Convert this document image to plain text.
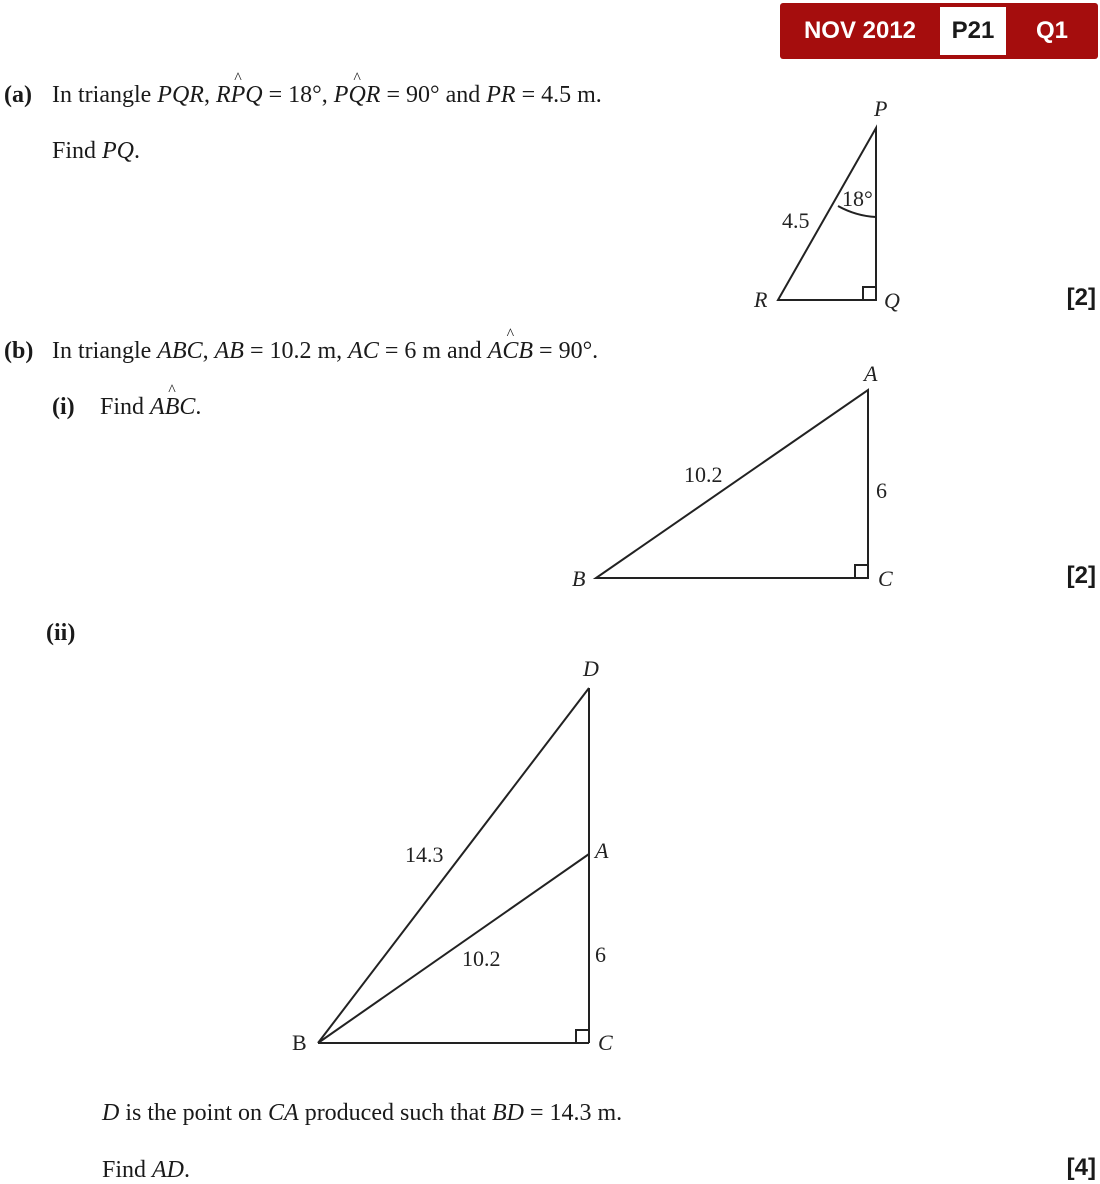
NOV 2012	P21	Q1
(a) In triangle PQR, R^ PQ = 18°, P^ QR = 90° and PR = 4.5 m.
Find PQ.
[2]
(b) In triangle ABC, AB = 10.2 m, AC = 6 m and A^ CB = 90°.
(i) Find A^ BC.
[2]
(ii)
D is the point on CA produced such that BD = 14.3 m.
Find AD.	[4]
P
Q
R
4.5
18°
A
B	C
10.2
6
D
A
B	C
14.3
10.2	6
